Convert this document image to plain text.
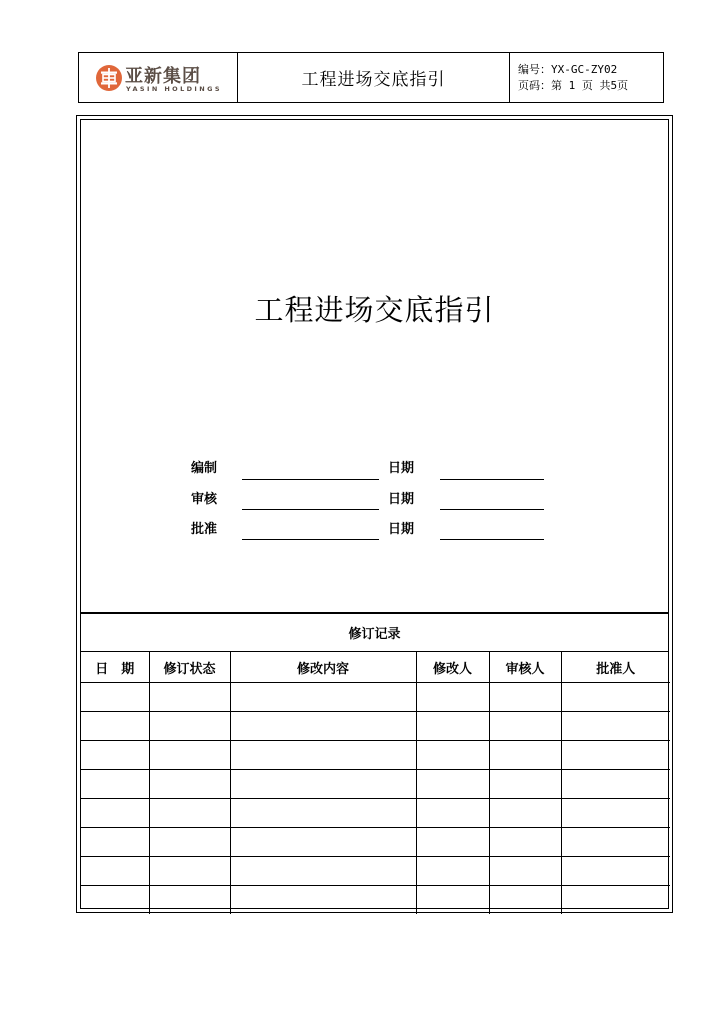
亚新集团
YASIN HOLDINGS	工程进场交底指引
编号：YX-GC-ZY02
页码：第 1 页 共5页
工程进场交底指引
编制	日期
审核	日期
批准	日期
修订记录
日　期	修订状态	修改内容	修改人	审核人	批准人
